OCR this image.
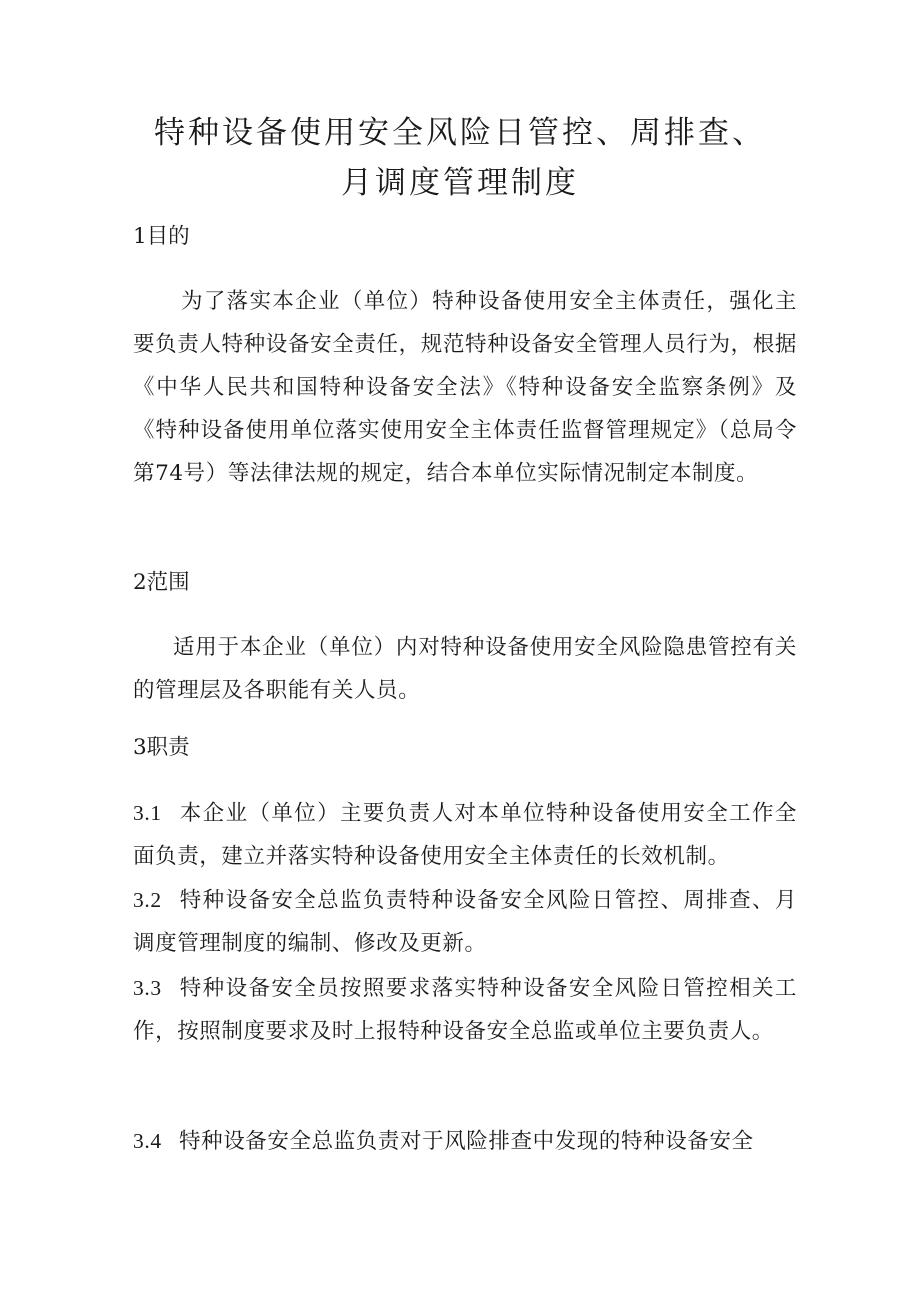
特种设备使用安全风险日管控、周排查、
月调度管理制度

1目的

为了落实本企业（单位）特种设备使用安全主体责任，强化主要负责人特种设备安全责任，规范特种设备安全管理人员行为，根据《中华人民共和国特种设备安全法》《特种设备安全监察条例》及《特种设备使用单位落实使用安全主体责任监督管理规定》（总局令第74号）等法律法规的规定，结合本单位实际情况制定本制度。

2范围

适用于本企业（单位）内对特种设备使用安全风险隐患管控有关的管理层及各职能有关人员。

3职责

3.1 本企业（单位）主要负责人对本单位特种设备使用安全工作全面负责，建立并落实特种设备使用安全主体责任的长效机制。

3.2 特种设备安全总监负责特种设备安全风险日管控、周排查、月调度管理制度的编制、修改及更新。

3.3 特种设备安全员按照要求落实特种设备安全风险日管控相关工作，按照制度要求及时上报特种设备安全总监或单位主要负责人。

3.4 特种设备安全总监负责对于风险排查中发现的特种设备安全
